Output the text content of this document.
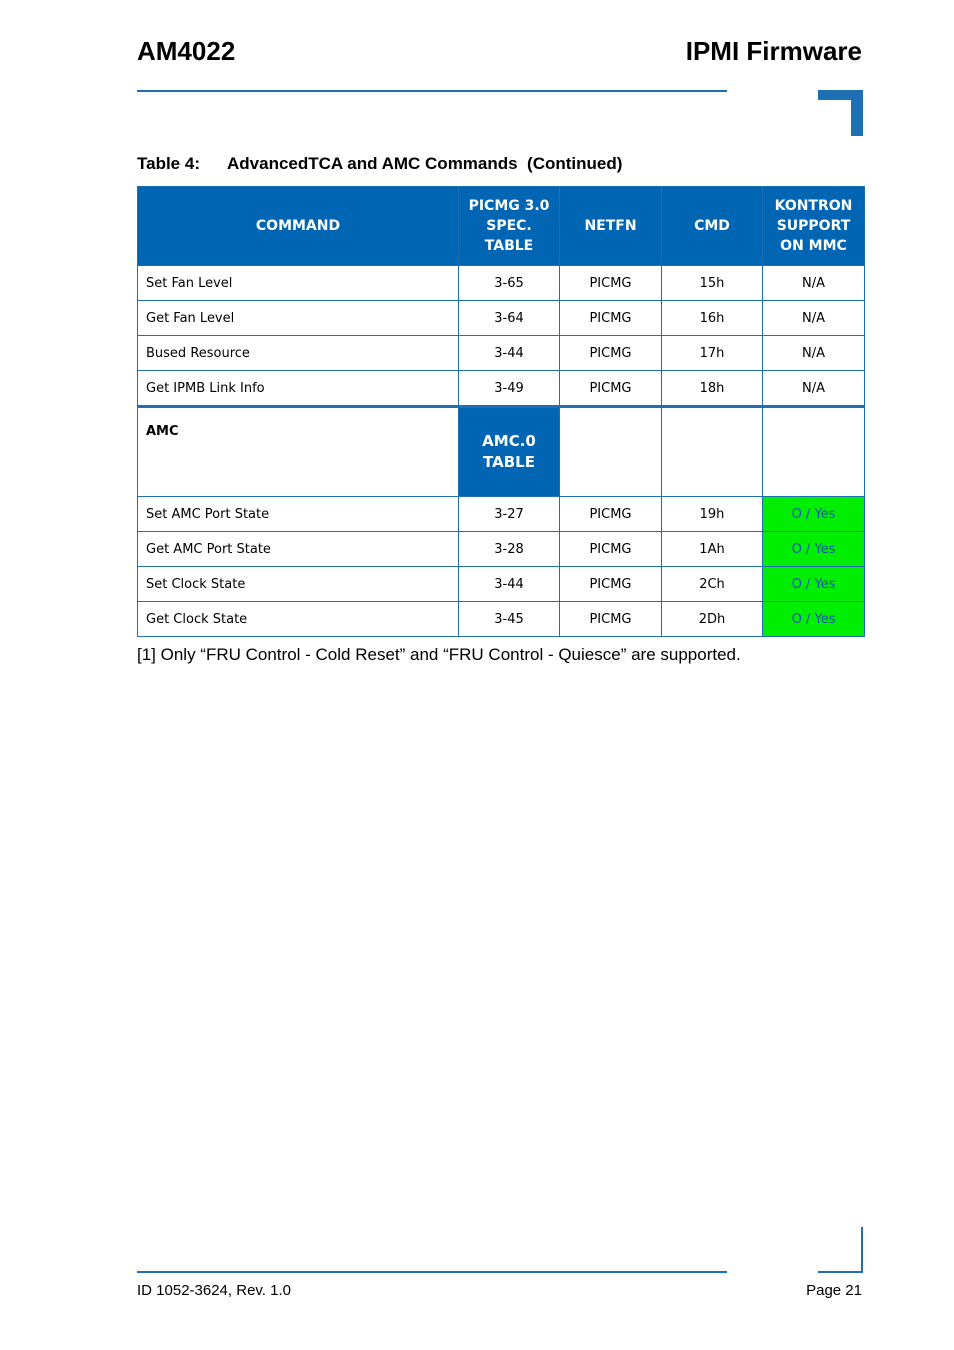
AM4022	IPMI Firmware
Table 4: AdvancedTCA and AMC Commands  (Continued)
COMMAND	PICMG 3.0 SPEC. TABLE	NETFN	CMD	KONTRON SUPPORT ON MMC
Set Fan Level	3-65	PICMG	15h	N/A
Get Fan Level	3-64	PICMG	16h	N/A
Bused Resource	3-44	PICMG	17h	N/A
Get IPMB Link Info	3-49	PICMG	18h	N/A
AMC	AMC.0 TABLE			
Set AMC Port State	3-27	PICMG	19h	O / Yes
Get AMC Port State	3-28	PICMG	1Ah	O / Yes
Set Clock State	3-44	PICMG	2Ch	O / Yes
Get Clock State	3-45	PICMG	2Dh	O / Yes
[1] Only “FRU Control - Cold Reset” and “FRU Control - Quiesce” are supported.
ID 1052-3624, Rev. 1.0	Page 21
